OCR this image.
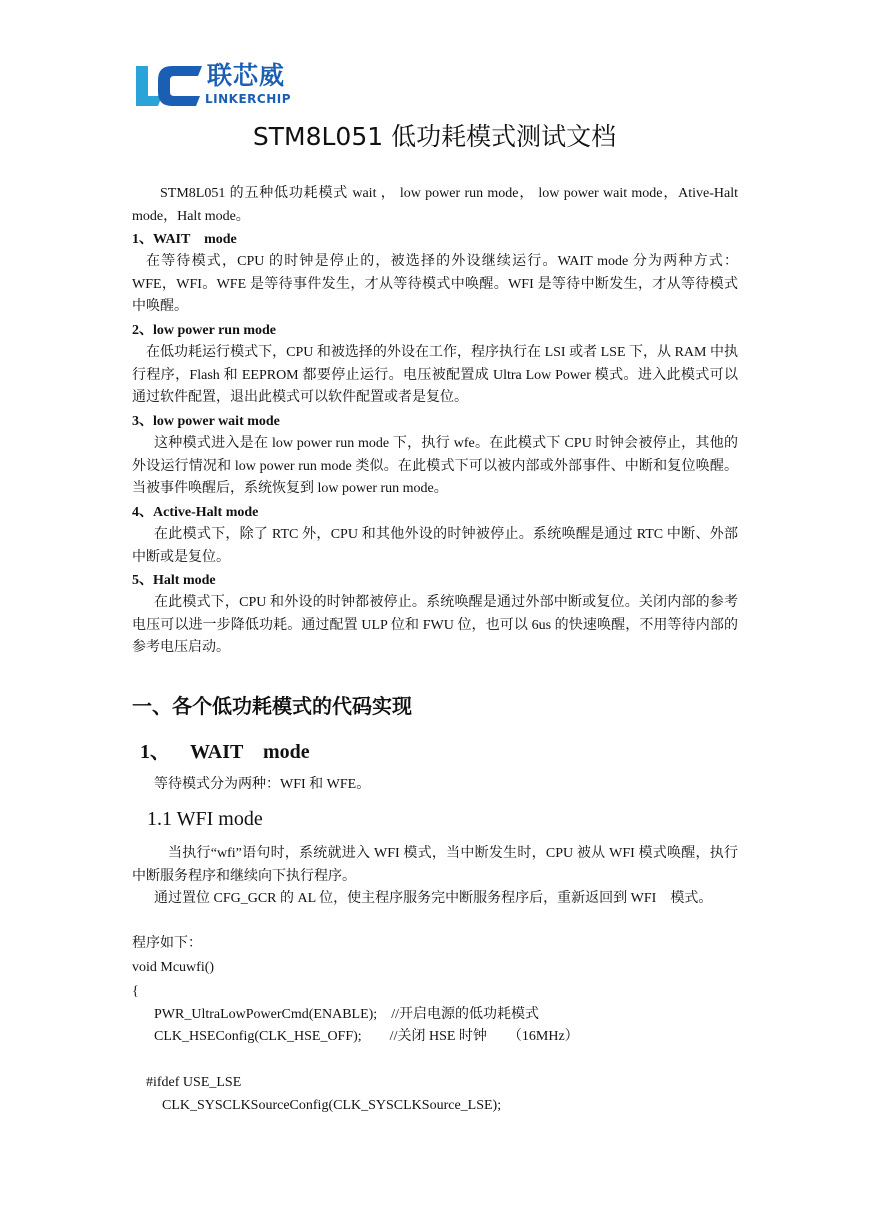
联芯威
LINKERCHIP
STM8L051 低功耗模式测试文档

STM8L051 的五种低功耗模式 wait ， low power run mode， low power wait mode，Ative-Halt mode，Halt mode。

1、WAIT　mode

在等待模式，CPU 的时钟是停止的，被选择的外设继续运行。WAIT mode 分为两种方式：WFE，WFI。WFE 是等待事件发生，才从等待模式中唤醒。WFI 是等待中断发生，才从等待模式中唤醒。

2、low power run mode

在低功耗运行模式下，CPU 和被选择的外设在工作，程序执行在 LSI 或者 LSE 下，从 RAM 中执行程序，Flash 和 EEPROM 都要停止运行。电压被配置成 Ultra Low Power 模式。进入此模式可以通过软件配置，退出此模式可以软件配置或者是复位。

3、low power wait mode

这种模式进入是在 low power run mode 下，执行 wfe。在此模式下 CPU 时钟会被停止，其他的外设运行情况和 low power run mode 类似。在此模式下可以被内部或外部事件、中断和复位唤醒。当被事件唤醒后，系统恢复到 low power run mode。

4、Active-Halt mode

在此模式下，除了 RTC 外，CPU 和其他外设的时钟被停止。系统唤醒是通过 RTC 中断、外部中断或是复位。

5、Halt mode

在此模式下，CPU 和外设的时钟都被停止。系统唤醒是通过外部中断或复位。关闭内部的参考电压可以进一步降低功耗。通过配置 ULP 位和 FWU 位，也可以 6us 的快速唤醒，不用等待内部的参考电压启动。

一、各个低功耗模式的代码实现

1、 WAIT　mode

等待模式分为两种：WFI 和 WFE。

1.1 WFI mode

当执行“wfi”语句时，系统就进入 WFI 模式，当中断发生时，CPU 被从 WFI 模式唤醒，执行中断服务程序和继续向下执行程序。

通过置位 CFG_GCR 的 AL 位，使主程序服务完中断服务程序后，重新返回到 WFI　模式。

程序如下：

void Mcuwfi()

{

PWR_UltraLowPowerCmd(ENABLE);　//开启电源的低功耗模式

CLK_HSEConfig(CLK_HSE_OFF);　　//关闭 HSE 时钟　　（16MHz）

#ifdef USE_LSE

CLK_SYSCLKSourceConfig(CLK_SYSCLKSource_LSE);
